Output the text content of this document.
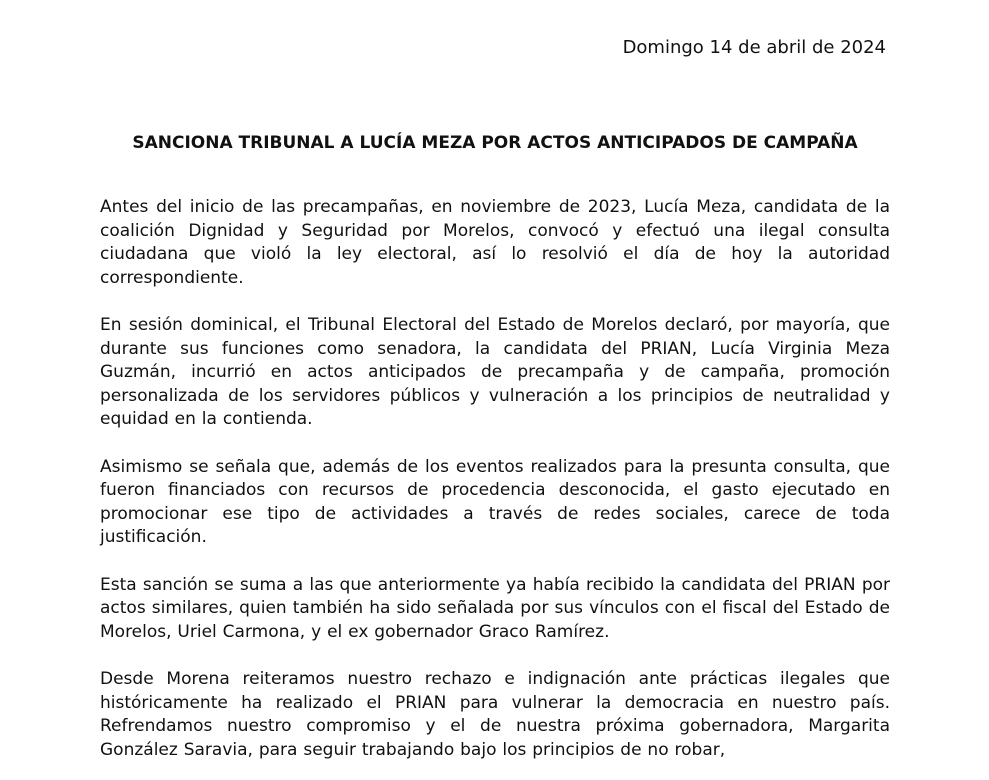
Domingo 14 de abril de 2024
SANCIONA TRIBUNAL A LUCÍA MEZA POR ACTOS ANTICIPADOS DE CAMPAÑA

Antes del inicio de las precampañas, en noviembre de 2023, Lucía Meza, candidata de la coalición Dignidad y Seguridad por Morelos, convocó y efectuó una ilegal consulta ciudadana que violó la ley electoral, así lo resolvió el día de hoy la autoridad correspondiente.

En sesión dominical, el Tribunal Electoral del Estado de Morelos declaró, por mayoría, que durante sus funciones como senadora, la candidata del PRIAN, Lucía Virginia Meza Guzmán, incurrió en actos anticipados de precampaña y de campaña, promoción personalizada de los servidores públicos y vulneración a los principios de neutralidad y equidad en la contienda.

Asimismo se señala que, además de los eventos realizados para la presunta consulta, que fueron financiados con recursos de procedencia desconocida, el gasto ejecutado en promocionar ese tipo de actividades a través de redes sociales, carece de toda justificación.

Esta sanción se suma a las que anteriormente ya había recibido la candidata del PRIAN por actos similares, quien también ha sido señalada por sus vínculos con el fiscal del Estado de Morelos, Uriel Carmona, y el ex gobernador Graco Ramírez.

Desde Morena reiteramos nuestro rechazo e indignación ante prácticas ilegales que históricamente ha realizado el PRIAN para vulnerar la democracia en nuestro país. Refrendamos nuestro compromiso y el de nuestra próxima gobernadora, Margarita González Saravia, para seguir trabajando bajo los principios de no robar,
